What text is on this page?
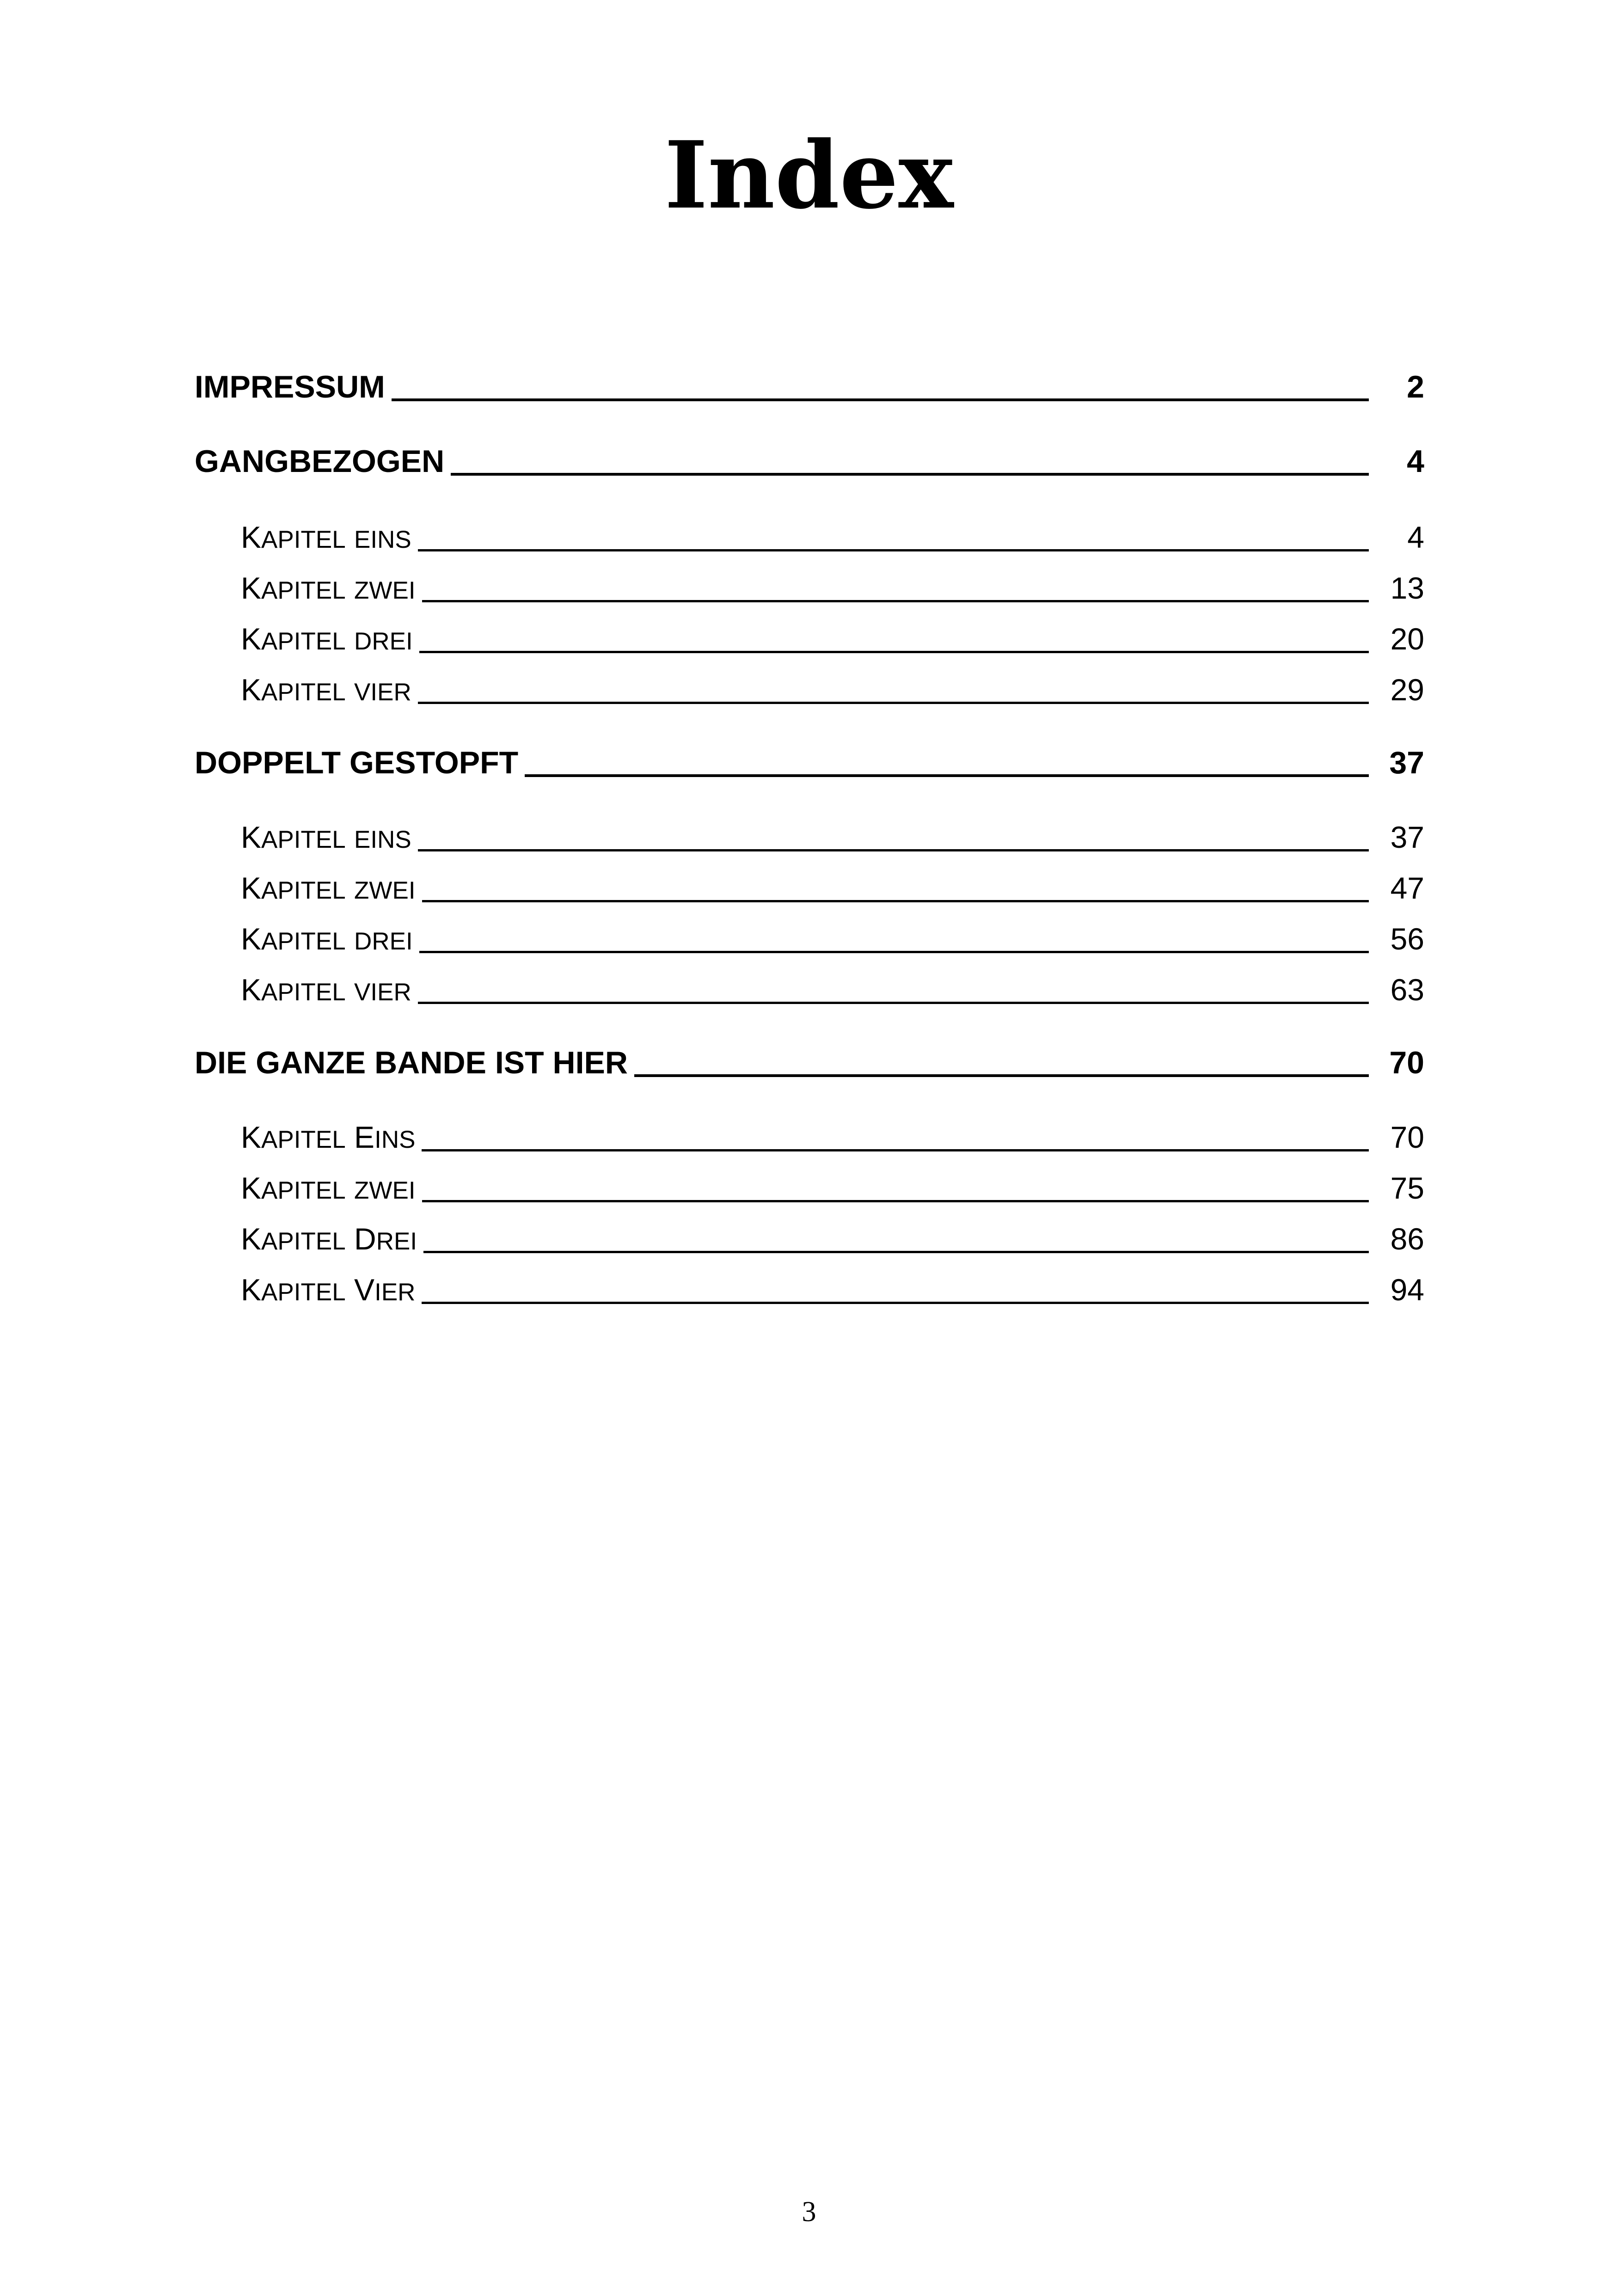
Index
IMPRESSUM	2
GANGBEZOGEN	4
KAPITEL EINS	4
KAPITEL ZWEI	13
KAPITEL DREI	20
KAPITEL VIER	29
DOPPELT GESTOPFT	37
KAPITEL EINS	37
KAPITEL ZWEI	47
KAPITEL DREI	56
KAPITEL VIER	63
DIE GANZE BANDE IST HIER	70
KAPITEL EINS	70
KAPITEL ZWEI	75
KAPITEL DREI	86
KAPITEL VIER	94
3
